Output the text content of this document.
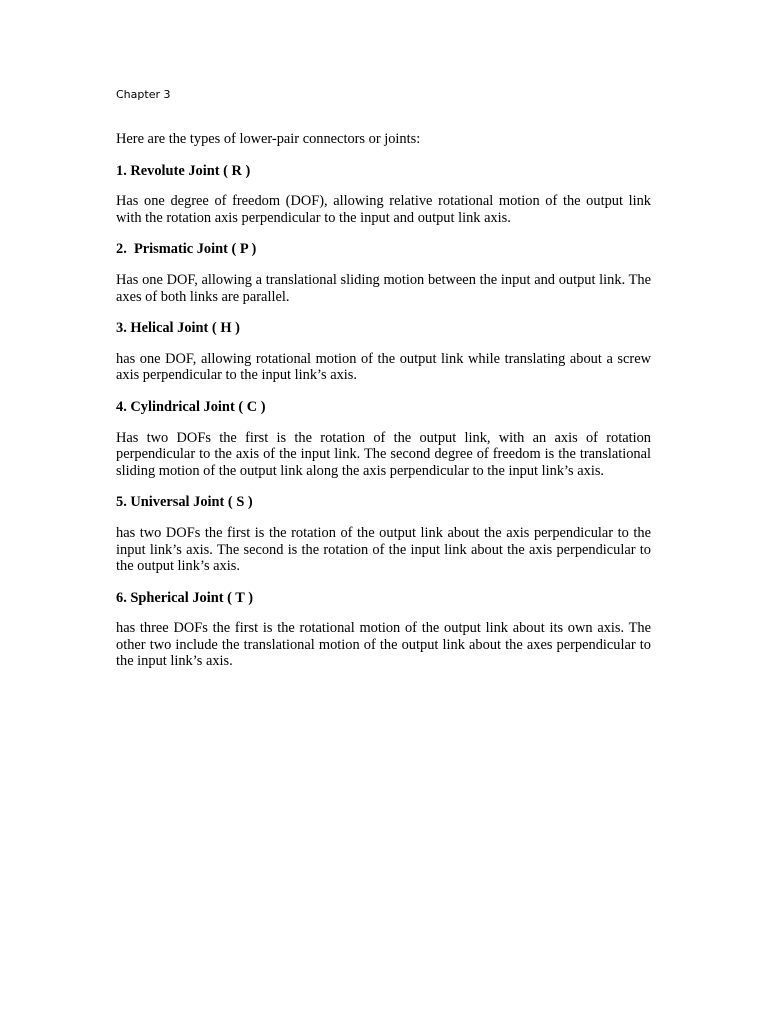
Chapter 3

Here are the types of lower-pair connectors or joints:

1. Revolute Joint ( R )

Has one degree of freedom (DOF), allowing relative rotational motion of the output link with the rotation axis perpendicular to the input and output link axis.

2.  Prismatic Joint ( P )

Has one DOF, allowing a translational sliding motion between the input and output link. The axes of both links are parallel.

3. Helical Joint ( H )

has one DOF, allowing rotational motion of the output link while translating about a screw axis perpendicular to the input link’s axis.

4. Cylindrical Joint ( C )

Has two DOFs the first is the rotation of the output link, with an axis of rotation perpendicular to the axis of the input link. The second degree of freedom is the translational sliding motion of the output link along the axis perpendicular to the input link’s axis.

5. Universal Joint ( S )

has two DOFs the first is the rotation of the output link about the axis perpendicular to the input link’s axis. The second is the rotation of the input link about the axis perpendicular to the output link’s axis.

6. Spherical Joint ( T )

has three DOFs the first is the rotational motion of the output link about its own axis. The other two include the translational motion of the output link about the axes perpendicular to the input link’s axis.
